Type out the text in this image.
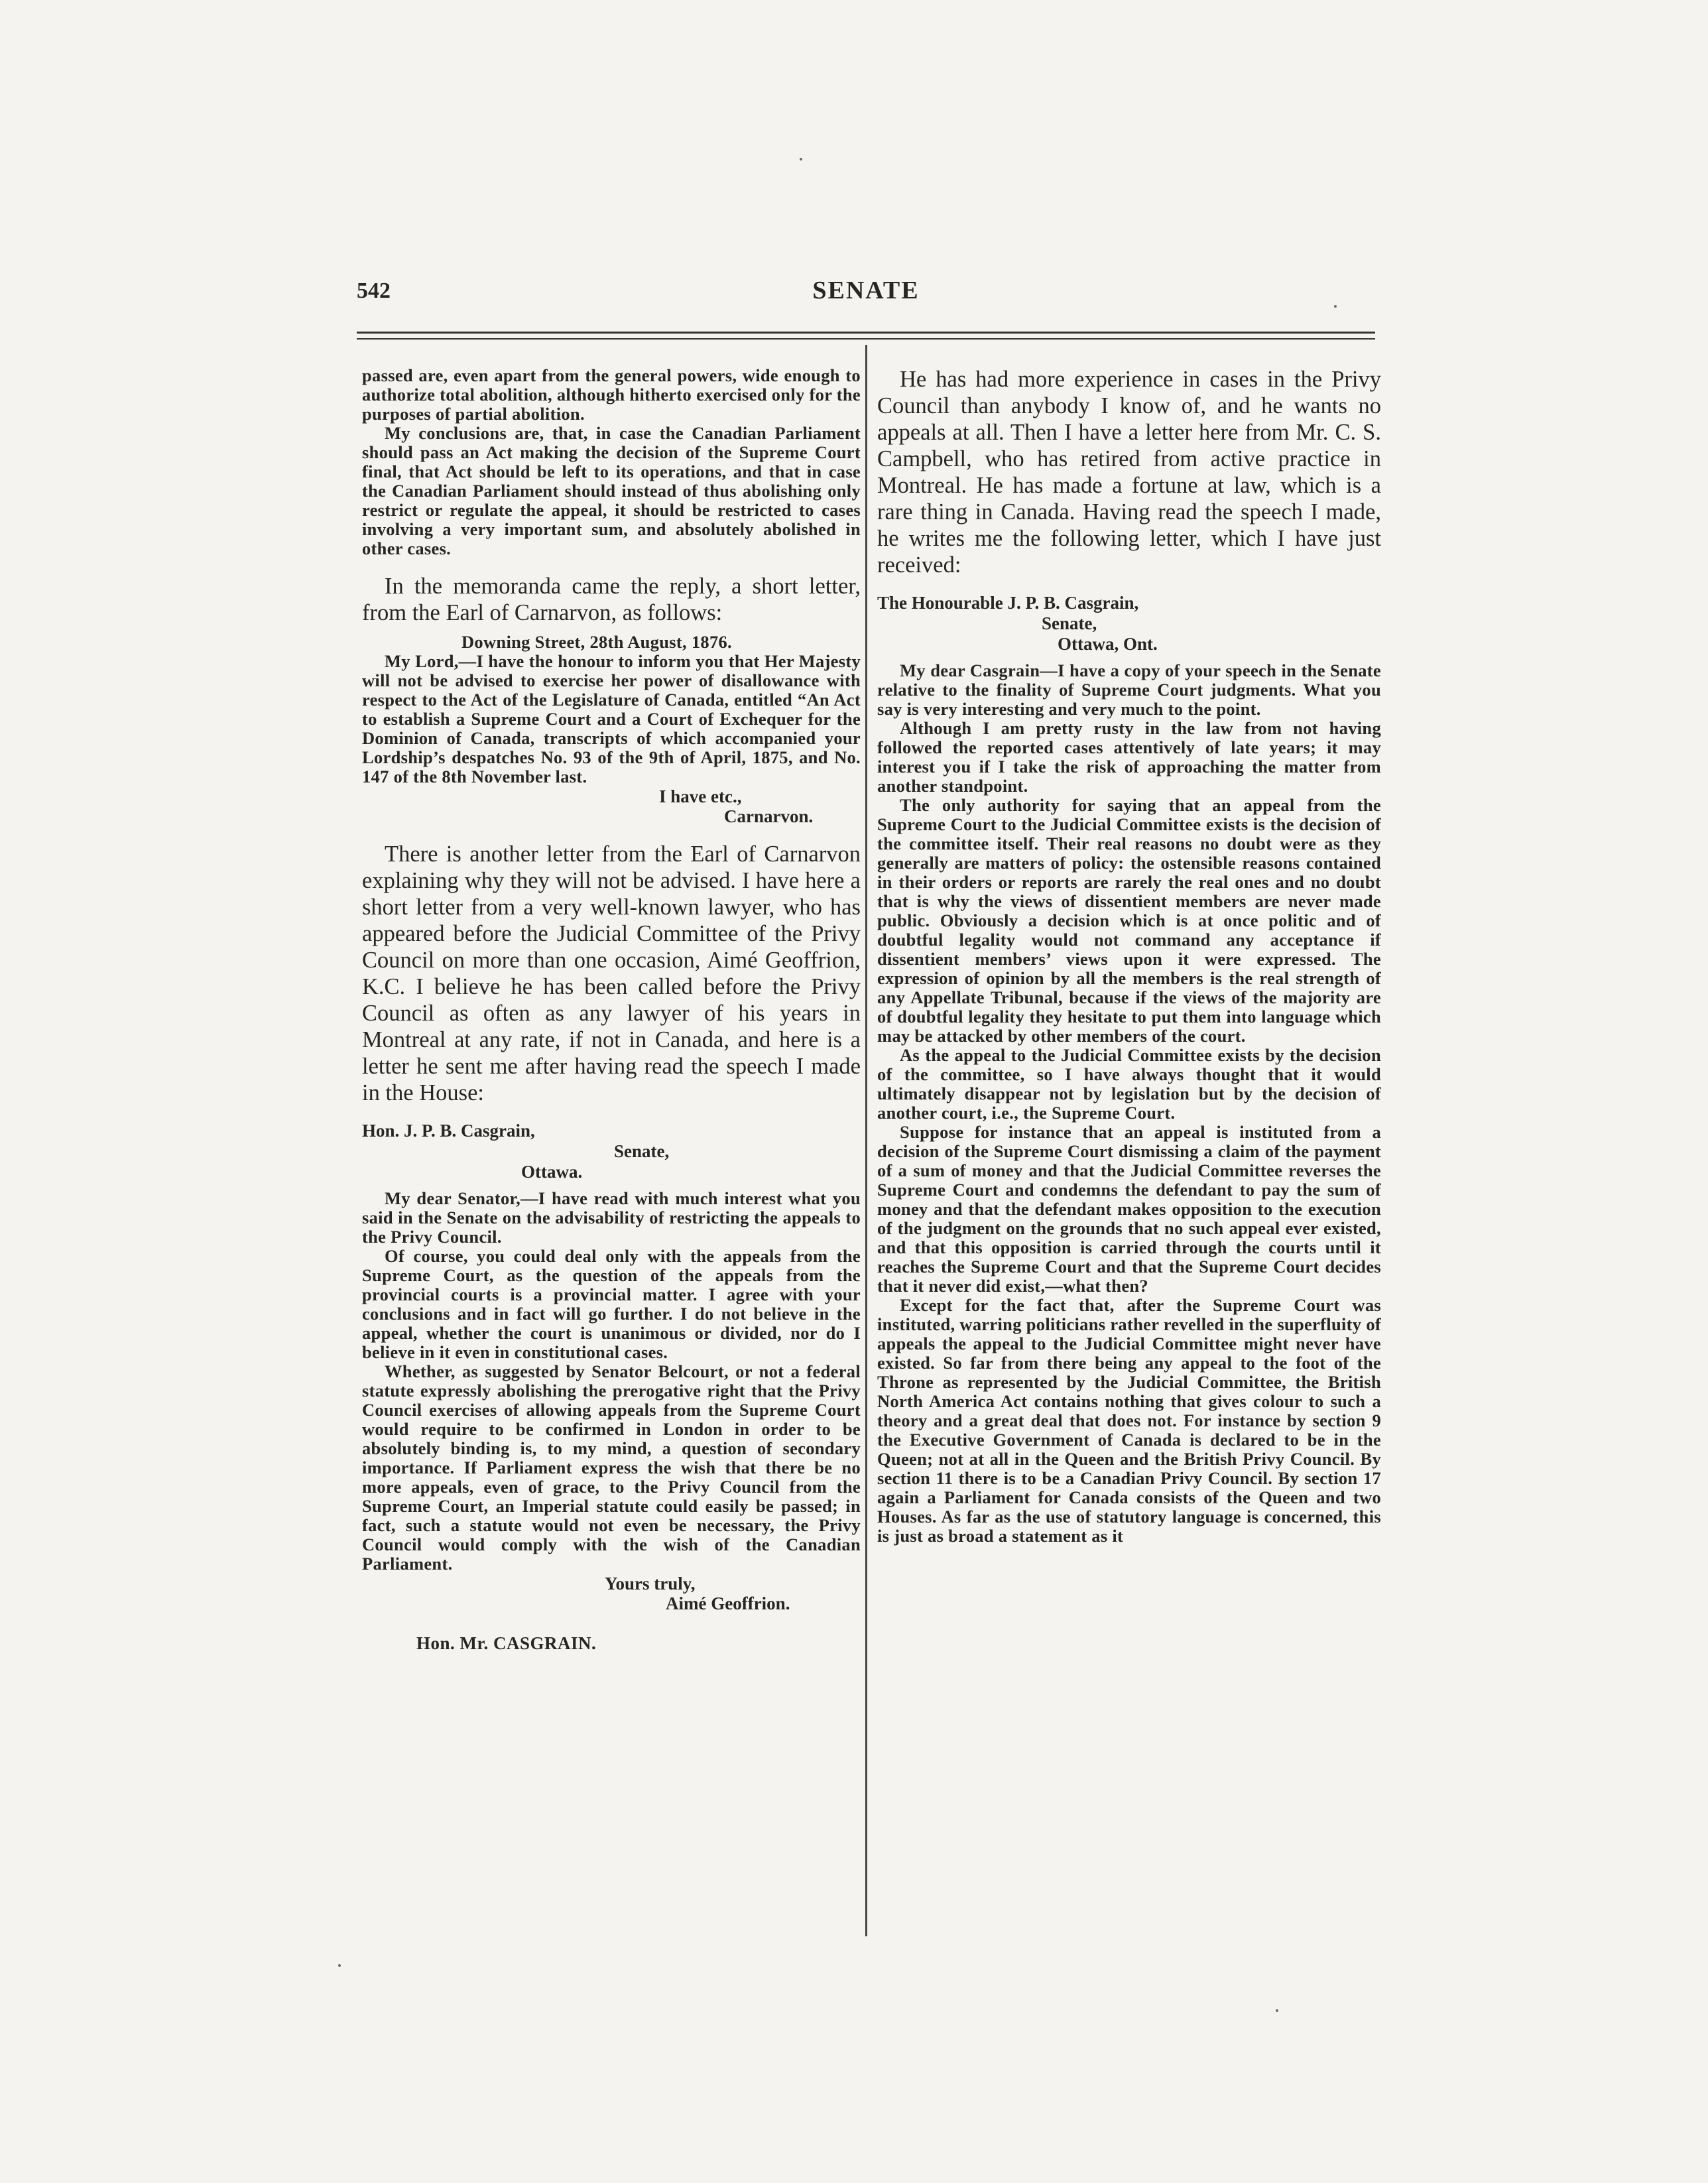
542	SENATE

passed are, even apart from the general powers, wide enough to authorize total abolition, although hitherto exercised only for the purposes of partial abolition.

My conclusions are, that, in case the Canadian Parliament should pass an Act making the decision of the Supreme Court final, that Act should be left to its operations, and that in case the Canadian Parliament should instead of thus abolishing only restrict or regulate the appeal, it should be restricted to cases involving a very important sum, and absolutely abolished in other cases.

In the memoranda came the reply, a short letter, from the Earl of Carnarvon, as follows:

Downing Street, 28th August, 1876.

My Lord,—I have the honour to inform you that Her Majesty will not be advised to exercise her power of disallowance with respect to the Act of the Legislature of Canada, entitled “An Act to establish a Supreme Court and a Court of Exchequer for the Dominion of Canada, transcripts of which accompanied your Lordship’s despatches No. 93 of the 9th of April, 1875, and No. 147 of the 8th November last.

I have etc.,
Carnarvon.

There is another letter from the Earl of Carnarvon explaining why they will not be advised. I have here a short letter from a very well-known lawyer, who has appeared before the Judicial Committee of the Privy Council on more than one occasion, Aimé Geoffrion, K.C. I believe he has been called before the Privy Council as often as any lawyer of his years in Montreal at any rate, if not in Canada, and here is a letter he sent me after having read the speech I made in the House:

Hon. J. P. B. Casgrain,
Senate,
Ottawa.

My dear Senator,—I have read with much interest what you said in the Senate on the advisability of restricting the appeals to the Privy Council.

Of course, you could deal only with the appeals from the Supreme Court, as the question of the appeals from the provincial courts is a provincial matter. I agree with your conclusions and in fact will go further. I do not believe in the appeal, whether the court is unanimous or divided, nor do I believe in it even in constitutional cases.

Whether, as suggested by Senator Belcourt, or not a federal statute expressly abolishing the prerogative right that the Privy Council exercises of allowing appeals from the Supreme Court would require to be confirmed in London in order to be absolutely binding is, to my mind, a question of secondary importance. If Parliament express the wish that there be no more appeals, even of grace, to the Privy Council from the Supreme Court, an Imperial statute could easily be passed; in fact, such a statute would not even be necessary, the Privy Council would comply with the wish of the Canadian Parliament.

Yours truly,
Aimé Geoffrion.
Hon. Mr. CASGRAIN.

He has had more experience in cases in the Privy Council than anybody I know of, and he wants no appeals at all. Then I have a letter here from Mr. C. S. Campbell, who has retired from active practice in Montreal. He has made a fortune at law, which is a rare thing in Canada. Having read the speech I made, he writes me the following letter, which I have just received:

The Honourable J. P. B. Casgrain,
Senate,
Ottawa, Ont.

My dear Casgrain—I have a copy of your speech in the Senate relative to the finality of Supreme Court judgments. What you say is very interesting and very much to the point.

Although I am pretty rusty in the law from not having followed the reported cases attentively of late years; it may interest you if I take the risk of approaching the matter from another standpoint.

The only authority for saying that an appeal from the Supreme Court to the Judicial Committee exists is the decision of the committee itself. Their real reasons no doubt were as they generally are matters of policy: the ostensible reasons contained in their orders or reports are rarely the real ones and no doubt that is why the views of dissentient members are never made public. Obviously a decision which is at once politic and of doubtful legality would not command any acceptance if dissentient members’ views upon it were expressed. The expression of opinion by all the members is the real strength of any Appellate Tribunal, because if the views of the majority are of doubtful legality they hesitate to put them into language which may be attacked by other members of the court.

As the appeal to the Judicial Committee exists by the decision of the committee, so I have always thought that it would ultimately disappear not by legislation but by the decision of another court, i.e., the Supreme Court.

Suppose for instance that an appeal is instituted from a decision of the Supreme Court dismissing a claim of the payment of a sum of money and that the Judicial Committee reverses the Supreme Court and condemns the defendant to pay the sum of money and that the defendant makes opposition to the execution of the judgment on the grounds that no such appeal ever existed, and that this opposition is carried through the courts until it reaches the Supreme Court and that the Supreme Court decides that it never did exist,—what then?

Except for the fact that, after the Supreme Court was instituted, warring politicians rather revelled in the superfluity of appeals the appeal to the Judicial Committee might never have existed. So far from there being any appeal to the foot of the Throne as represented by the Judicial Committee, the British North America Act contains nothing that gives colour to such a theory and a great deal that does not. For instance by section 9 the Executive Government of Canada is declared to be in the Queen; not at all in the Queen and the British Privy Council. By section 11 there is to be a Canadian Privy Council. By section 17 again a Parliament for Canada consists of the Queen and two Houses. As far as the use of statutory language is concerned, this is just as broad a statement as it
